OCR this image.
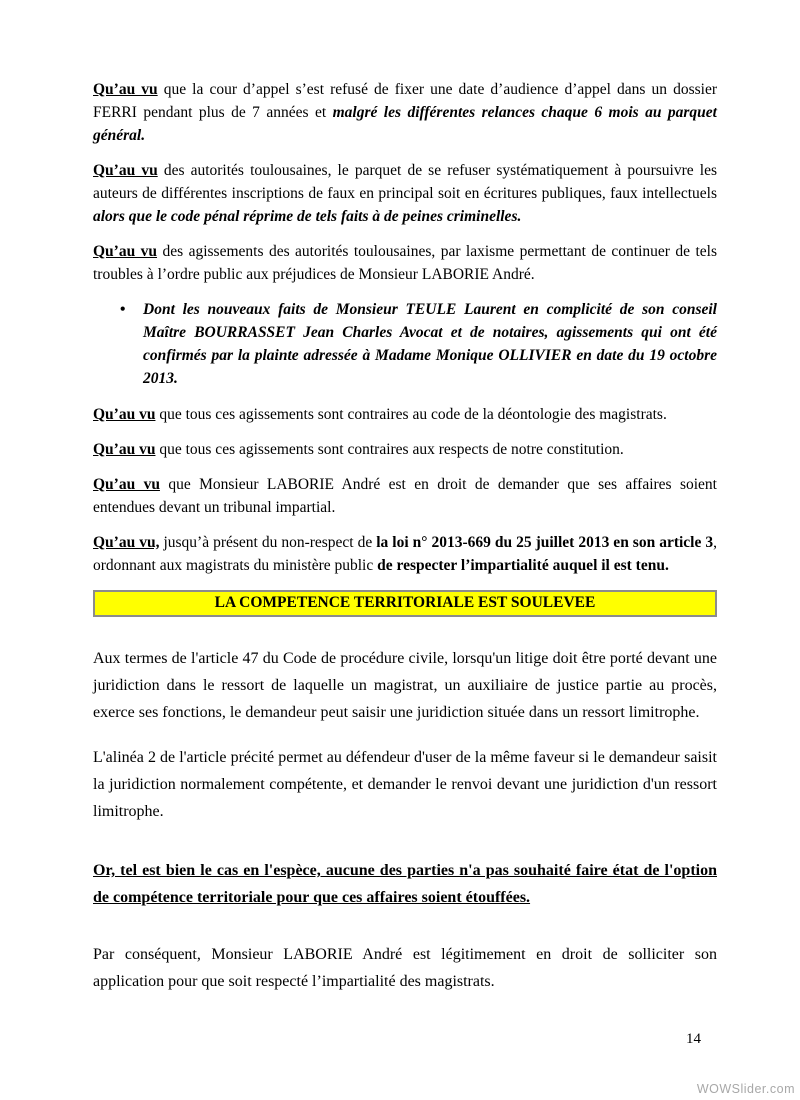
Qu’au vu que la cour d’appel s’est refusé de fixer une date d’audience d’appel dans un dossier FERRI pendant plus de 7 années et malgré les différentes relances chaque 6 mois au parquet général.

Qu’au vu des autorités toulousaines, le parquet de se refuser systématiquement à poursuivre les auteurs de différentes inscriptions de faux en principal soit en écritures publiques, faux intellectuels alors que le code pénal réprime de tels faits à de peines criminelles.

Qu’au vu des agissements des autorités toulousaines, par laxisme permettant de continuer de tels troubles à l’ordre public aux préjudices de Monsieur LABORIE André.

• Dont les nouveaux faits de Monsieur TEULE Laurent en complicité de son conseil Maître BOURRASSET Jean Charles Avocat et de notaires, agissements qui ont été confirmés par la plainte adressée à Madame Monique OLLIVIER en date du 19 octobre 2013.

Qu’au vu que tous ces agissements sont contraires au code de la déontologie des magistrats.

Qu’au vu que tous ces agissements sont contraires aux respects de notre constitution.

Qu’au vu que Monsieur LABORIE André est en droit de demander que ses affaires soient entendues devant un tribunal impartial.

Qu’au vu, jusqu’à présent du non-respect de la loi n° 2013-669 du 25 juillet 2013 en son article 3, ordonnant aux magistrats du ministère public de respecter l’impartialité auquel il est tenu.

LA COMPETENCE TERRITORIALE EST SOULEVEE

Aux termes de l'article 47 du Code de procédure civile, lorsqu'un litige doit être porté devant une juridiction dans le ressort de laquelle un magistrat, un auxiliaire de justice partie au procès, exerce ses fonctions, le demandeur peut saisir une juridiction située dans un ressort limitrophe.

L'alinéa 2 de l'article précité permet au défendeur d'user de la même faveur si le demandeur saisit la juridiction normalement compétente, et demander le renvoi devant une juridiction d'un ressort limitrophe.

Or, tel est bien le cas en l'espèce, aucune des parties n'a pas souhaité faire état de l'option de compétence territoriale pour que ces affaires soient étouffées.

Par conséquent, Monsieur LABORIE André est légitimement en droit de solliciter son application pour que soit respecté l’impartialité des magistrats.

14
WOWSlider.com
